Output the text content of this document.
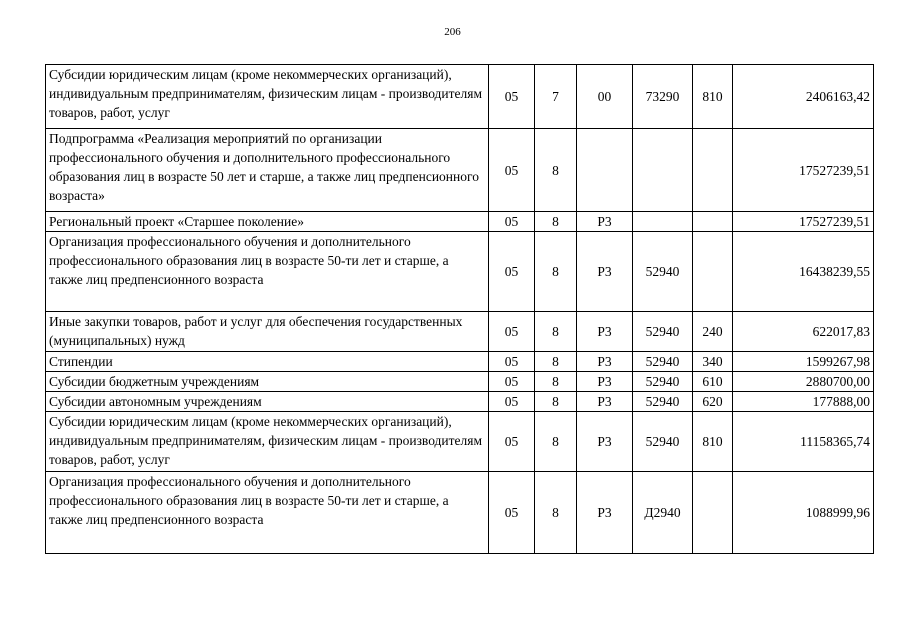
206
Субсидии юридическим лицам (кроме некоммерческих организаций), индивидуальным предпринимателям, физическим лицам - производителям товаров, работ, услуг	05	7	00	73290	810	2406163,42
Подпрограмма «Реализация мероприятий по организации профессионального обучения и дополнительного профессионального образования лиц в возрасте 50 лет и старше, а также лиц предпенсионного возраста»	05	8				17527239,51
Региональный проект «Старшее поколение»	05	8	P3			17527239,51
Организация профессионального обучения и дополнительного профессионального образования лиц в возрасте 50-ти лет и старше, а также лиц предпенсионного возраста	05	8	P3	52940		16438239,55
Иные закупки товаров, работ и услуг для обеспечения государственных (муниципальных) нужд	05	8	P3	52940	240	622017,83
Стипендии	05	8	P3	52940	340	1599267,98
Субсидии бюджетным учреждениям	05	8	P3	52940	610	2880700,00
Субсидии автономным учреждениям	05	8	P3	52940	620	177888,00
Субсидии юридическим лицам (кроме некоммерческих организаций), индивидуальным предпринимателям, физическим лицам - производителям товаров, работ, услуг	05	8	P3	52940	810	11158365,74
Организация профессионального обучения и дополнительного профессионального образования лиц в возрасте 50-ти лет и старше, а также лиц предпенсионного возраста	05	8	P3	Д2940		1088999,96
